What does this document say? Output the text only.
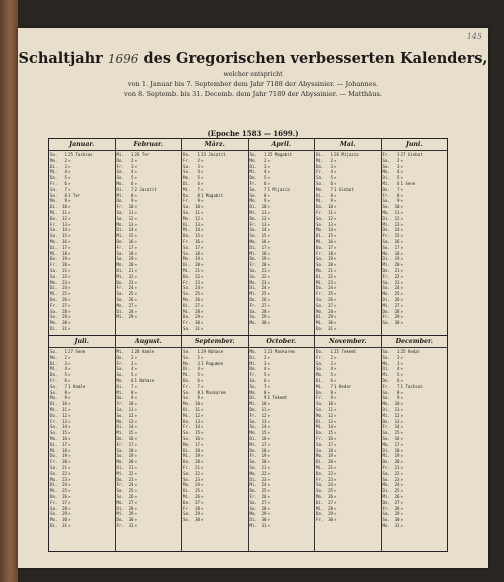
145
Schaltjahr 1696 des Gregorischen verbesserten Kalenders,
welcher entspricht
von 1. Januar bis 7. September dem Jahr 7188 der Abyssinier. — Johannes.
von 8. Septemb. bis 31. Decemb. dem Jahr 7189 der Abyssinier. — Matthäus.
(Epoche 1583 — 1699.)
Januar.
So. 125 Tachsas
Mo. 2»
Di. 3»
Mi. 4»
Do. 5»
Fr. 6»
Sa. 7»
So. 81 Ter
Mo. 9»
Di. 10»
Mi. 11»
Do. 12»
Fr. 13»
Sa. 14»
So. 15»
Mo. 16»
Di. 17»
Mi. 18»
Do. 19»
Fr. 20»
Sa. 21»
So. 22»
Mo. 23»
Di. 24»
Mi. 25»
Do. 26»
Fr. 27»
Sa. 28»
So. 29»
Mo. 30»
Di. 31»
Februar.
Mi. 126 Ter
Do. 2»
Fr. 3»
Sa. 4»
So. 5»
Mo. 6»
Di. 72 Jacatit
Mi. 8»
Do. 9»
Fr. 10»
Sa. 11»
So. 12»
Mo. 13»
Di. 14»
Mi. 15»
Do. 16»
Fr. 17»
Sa. 18»
So. 19»
Mo. 20»
Di. 21»
Mi. 22»
Do. 23»
Fr. 24»
Sa. 25»
So. 26»
Mo. 27»
Di. 28»
Mi. 29»
März.
Do. 123 Jacatit
Fr. 2»
Sa. 3»
So. 4»
Mo. 5»
Di. 6»
Mi. 7»
Do. 81 Magabit
Fr. 9»
Sa. 10»
So. 11»
Mo. 12»
Di. 13»
Mi. 14»
Do. 15»
Fr. 16»
Sa. 17»
So. 18»
Mo. 19»
Di. 20»
Mi. 21»
Do. 22»
Fr. 23»
Sa. 24»
So. 25»
Mo. 26»
Di. 27»
Mi. 28»
Do. 29»
Fr. 30»
Sa. 31»
April.
So. 125 Magabit
Mo. 2»
Di. 3»
Mi. 4»
Do. 5»
Fr. 6»
Sa. 71 Mijazia
So. 8»
Mo. 9»
Di. 10»
Mi. 11»
Do. 12»
Fr. 13»
Sa. 14»
So. 15»
Mo. 16»
Di. 17»
Mi. 18»
Do. 19»
Fr. 20»
Sa. 21»
So. 22»
Mo. 23»
Di. 24»
Mi. 25»
Do. 26»
Fr. 27»
Sa. 28»
So. 29»
Mo. 30»
Mai.
Di. 126 Mijazia
Mi. 2»
Do. 3»
Fr. 4»
Sa. 5»
So. 6»
Mo. 71 Ginbot
Di. 8»
Mi. 9»
Do. 10»
Fr. 11»
Sa. 12»
So. 13»
Mo. 14»
Di. 15»
Mi. 16»
Do. 17»
Fr. 18»
Sa. 19»
So. 20»
Mo. 21»
Di. 22»
Mi. 23»
Do. 24»
Fr. 25»
Sa. 26»
So. 27»
Mo. 28»
Di. 29»
Mi. 30»
Do. 31»
Juni.
Fr. 127 Ginbot
Sa. 2»
So. 3»
Mo. 4»
Di. 5»
Mi. 61 Sene
Do. 7»
Fr. 8»
Sa. 9»
So. 10»
Mo. 11»
Di. 12»
Mi. 13»
Do. 14»
Fr. 15»
Sa. 16»
So. 17»
Mo. 18»
Di. 19»
Mi. 20»
Do. 21»
Fr. 22»
Sa. 23»
So. 24»
Mo. 25»
Di. 26»
Mi. 27»
Do. 28»
Fr. 29»
Sa. 30»
Juli.
So. 127 Sene
Mo. 2»
Di. 3»
Mi. 4»
Do. 5»
Fr. 6»
Sa. 71 Hamle
So. 8»
Mo. 9»
Di. 10»
Mi. 11»
Do. 12»
Fr. 13»
Sa. 14»
So. 15»
Mo. 16»
Di. 17»
Mi. 18»
Do. 19»
Fr. 20»
Sa. 21»
So. 22»
Mo. 23»
Di. 24»
Mi. 25»
Do. 26»
Fr. 27»
Sa. 28»
So. 29»
Mo. 30»
Di. 31»
August.
Mi. 128 Hamle
Do. 2»
Fr. 3»
Sa. 4»
So. 5»
Mo. 61 Nahase
Di. 7»
Mi. 8»
Do. 9»
Fr. 10»
Sa. 11»
So. 12»
Mo. 13»
Di. 14»
Mi. 15»
Do. 16»
Fr. 17»
Sa. 18»
So. 19»
Mo. 20»
Di. 21»
Mi. 22»
Do. 23»
Fr. 24»
Sa. 25»
So. 26»
Mo. 27»
Di. 28»
Mi. 29»
Do. 30»
Fr. 31»
September.
Sa. 129 Nahase
So. 2»
Mo. 31 Pagumen
Di. 4»
Mi. 5»
Do. 6»
Fr. 7»
Sa. 81 Maskarem
So. 9»
Mo. 10»
Di. 11»
Mi. 12»
Do. 13»
Fr. 14»
Sa. 15»
So. 16»
Mo. 17»
Di. 18»
Mi. 19»
Do. 20»
Fr. 21»
Sa. 22»
So. 23»
Mo. 24»
Di. 25»
Mi. 26»
Do. 27»
Fr. 28»
Sa. 29»
So. 30»
October.
Mo. 123 Maskarem
Di. 2»
Mi. 3»
Do. 4»
Fr. 5»
Sa. 6»
So. 7»
Mo. 8»
Di. 91 Tekemt
Mi. 10»
Do. 11»
Fr. 12»
Sa. 13»
So. 14»
Mo. 15»
Di. 16»
Mi. 17»
Do. 18»
Fr. 19»
Sa. 20»
So. 21»
Mo. 22»
Di. 23»
Mi. 24»
Do. 25»
Fr. 26»
Sa. 27»
So. 28»
Mo. 29»
Di. 30»
Mi. 31»
November.
Do. 125 Tekemt
Fr. 2»
Sa. 3»
So. 4»
Mo. 5»
Di. 6»
Mi. 71 Hedar
Do. 8»
Fr. 9»
Sa. 10»
So. 11»
Mo. 12»
Di. 13»
Mi. 14»
Do. 15»
Fr. 16»
Sa. 17»
So. 18»
Mo. 19»
Di. 20»
Mi. 21»
Do. 22»
Fr. 23»
Sa. 24»
So. 25»
Mo. 26»
Di. 27»
Mi. 28»
Do. 29»
Fr. 30»
December.
Sa. 125 Hedar
So. 2»
Mo. 3»
Di. 4»
Mi. 5»
Do. 6»
Fr. 71 Tachsas
Sa. 8»
So. 9»
Mo. 10»
Di. 11»
Mi. 12»
Do. 13»
Fr. 14»
Sa. 15»
So. 16»
Mo. 17»
Di. 18»
Mi. 19»
Do. 20»
Fr. 21»
Sa. 22»
So. 23»
Mo. 24»
Di. 25»
Mi. 26»
Do. 27»
Fr. 28»
Sa. 29»
So. 30»
Mo. 31»
